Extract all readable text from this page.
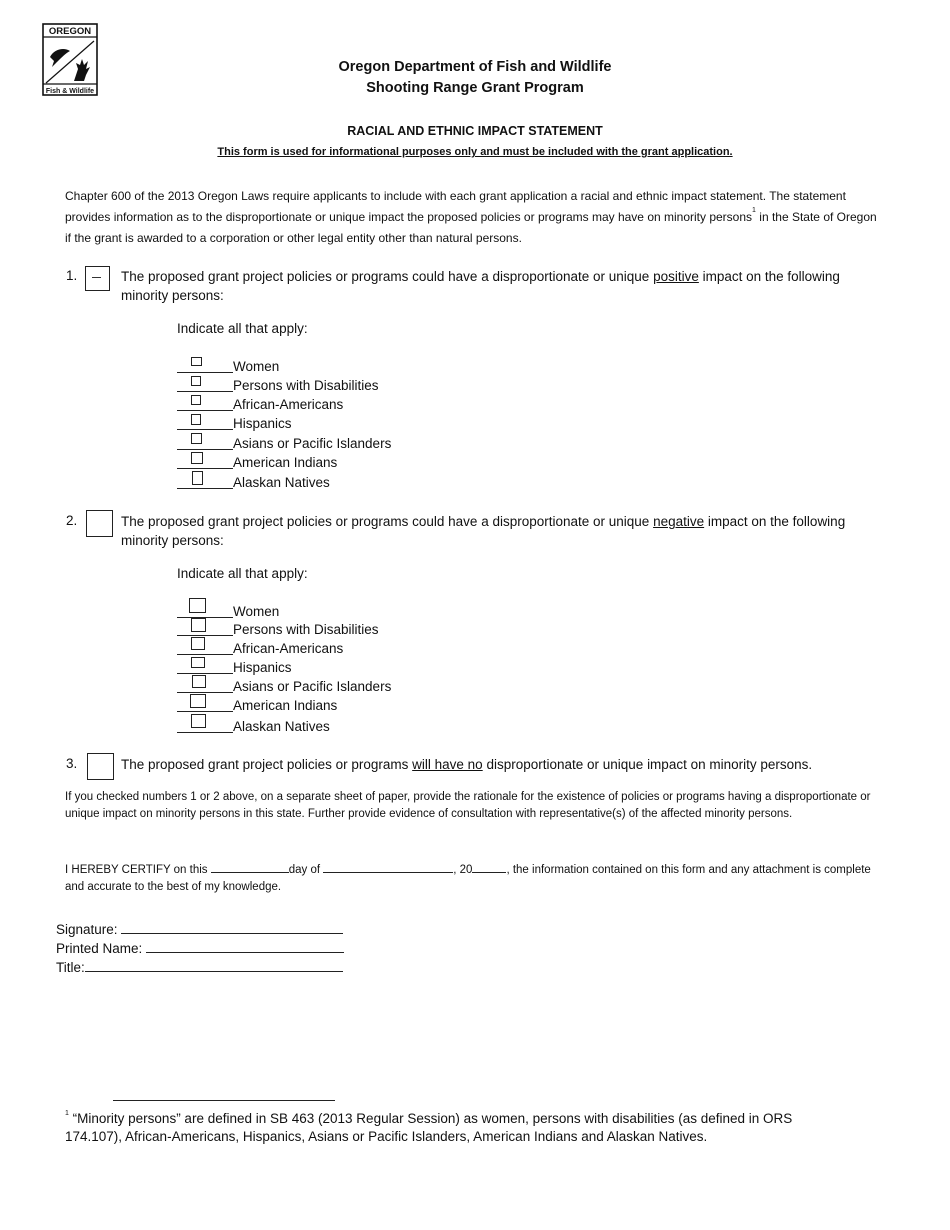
OREGON
Fish & Wildlife
Oregon Department of Fish and Wildlife
Shooting Range Grant Program
RACIAL AND ETHNIC IMPACT STATEMENT
This form is used for informational purposes only and must be included with the grant application.
Chapter 600 of the 2013 Oregon Laws require applicants to include with each grant application a racial and ethnic impact statement. The statement provides information as to the disproportionate or unique impact the proposed policies or programs may have on minority persons$^1$ in the State of Oregon if the grant is awarded to a corporation or other legal entity other than natural persons.
1.	The proposed grant project policies or programs could have a disproportionate or unique positive impact on the following minority persons:
Indicate all that apply:
Women
Persons with Disabilities
African-Americans
Hispanics
Asians or Pacific Islanders
American Indians
Alaskan Natives
2.	The proposed grant project policies or programs could have a disproportionate or unique negative impact on the following minority persons:
Indicate all that apply:
Women
Persons with Disabilities
African-Americans
Hispanics
Asians or Pacific Islanders
American Indians
Alaskan Natives
3.	The proposed grant project policies or programs will have no disproportionate or unique impact on minority persons.
If you checked numbers 1 or 2 above, on a separate sheet of paper, provide the rationale for the existence of policies or programs having a disproportionate or unique impact on minority persons in this state. Further provide evidence of consultation with representative(s) of the affected minority persons.
I HEREBY CERTIFY on this	day of	, 20	, the information contained on this form and any attachment is complete and accurate to the best of my knowledge.
Signature:
Printed Name:
Title:
$^1$ “Minority persons” are defined in SB 463 (2013 Regular Session) as women, persons with disabilities (as defined in ORS 174.107), African-Americans, Hispanics, Asians or Pacific Islanders, American Indians and Alaskan Natives.
